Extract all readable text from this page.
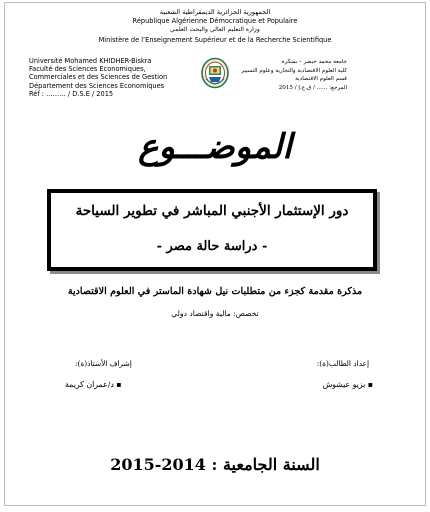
الجمهورية الجزائرية الديمقراطية الشعبية
République Algérienne Démocratique et Populaire
وزارة التعليم العالي والبحث العلمي
Ministère de l’Enseignement Supérieur et de la Recherche Scientifique
Université Mohamed KHIDHER-Biskra
Faculté des Sciences Economiques,
Commerciales et des Sciences de Gestion
Département des Sciences Economiques
Réf : ……… / D.S.E / 2015
جامعة محمد خيضر – بسكرة
كلية العلوم الاقتصادية والتجارية وعلوم التسيير
قسم العلوم الاقتصادية
المرجع: ...... / ق.ع.إ / 2015
الموضـــوع
دور الإستثمار الأجنبي المباشر في تطوير السياحة
- دراسة حالة مصر -
مذكرة مقدمة كجزء من متطلبات نيل شهادة الماستر في العلوم الاقتصادية
تخصص: مالية واقتصاد دولي
إعداد الطالب(ة):
إشراف الأستاذ(ة):
▪ بزيو عيشوش
▪ د/عمران كريمة
السنة الجامعية : 2014-2015
